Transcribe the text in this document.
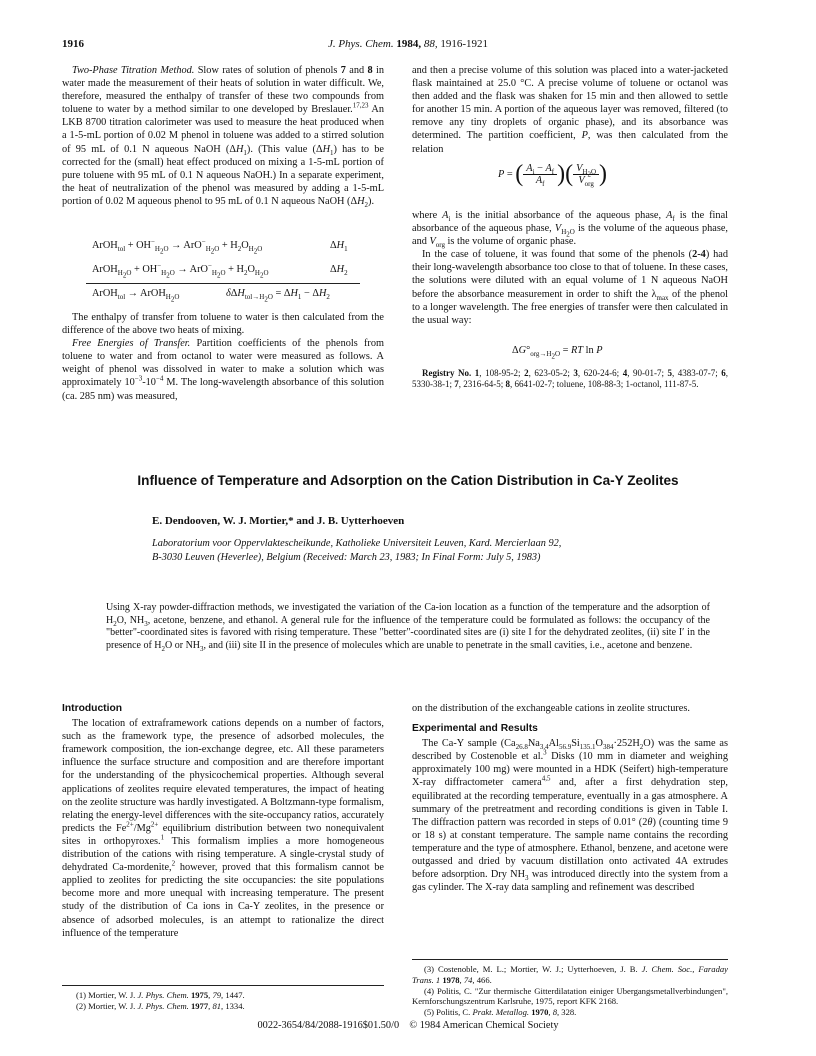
1916	J. Phys. Chem. 1984, 88, 1916-1921

Two-Phase Titration Method. Slow rates of solution of phenols 7 and 8 in water made the measurement of their heats of solution in water difficult. We, therefore, measured the enthalpy of transfer of these two compounds from toluene to water by a method similar to one developed by Breslauer.$^{17,23}$ An LKB 8700 titration calorimeter was used to measure the heat produced when a 1-5-mL portion of 0.02 M phenol in toluene was added to a stirred solution of 95 mL of 0.1 N aqueous NaOH $(\Delta H_1)$. (This value $(\Delta H_1)$ has to be corrected for the (small) heat effect produced on mixing a 1-5-mL portion of pure toluene with 95 mL of 0.1 N aqueous NaOH.) In a separate experiment, the heat of neutralization of the phenol was measured by adding a 1-5-mL portion of 0.02 M aqueous phenol to 95 mL of 0.1 N aqueous NaOH $(\Delta H_2)$.

ArOH$_{tol}$ + $OH^-_{H_2O} \to ArO^-_{H_2O} + H_2O_{H_2O}$	$\Delta H_1$
ArOH$_{H_2O}$ + $OH^-_{H_2O} \to ArO^-_{H_2O} + H_2O_{H_2O}$	$\Delta H_2$
ArOH$_{tol}$ → ArOH$_{H_2O}$	$\delta\Delta H_{tol\to H_2O} = \Delta H_1 - \Delta H_2$

The enthalpy of transfer from toluene to water is then calculated from the difference of the above two heats of mixing.

Free Energies of Transfer. Partition coefficients of the phenols from toluene to water and from octanol to water were measured as follows. A weight of phenol was dissolved in water to make a solution which was approximately $10^{-3}-10^{-4}$ M. The long-wavelength absorbance of this solution (ca. 285 nm) was measured,

and then a precise volume of this solution was placed into a water-jacketed flask maintained at 25.0 °C. A precise volume of toluene or octanol was then added and the flask was shaken for 15 min and then allowed to settle for another 15 min. A portion of the aqueous layer was removed, filtered (to remove any tiny droplets of organic phase), and its absorbance was determined. The partition coefficient, P, was then calculated from the relation

P = ( $\frac{A_i - A_f}{A_f}$ )( $\frac{V_{H_2O}}{V_{org}}$ )

where $A_i$ is the initial absorbance of the aqueous phase, $A_f$ is the final absorbance of the aqueous phase, $V_{H_2O}$ is the volume of the aqueous phase, and $V_{org}$ is the volume of organic phase.

In the case of toluene, it was found that some of the phenols (2-4) had their long-wavelength absorbance too close to that of toluene. In these cases, the solutions were diluted with an equal volume of 1 N aqueous NaOH before the absorbance measurement in order to shift the $\lambda_{max}$ of the phenol to a longer wavelength. The free energies of transfer were then calculated in the usual way:

$\Delta G^\circ_{org\to H_2O}$ = RT ln P

Registry No. 1, 108-95-2; 2, 623-05-2; 3, 620-24-6; 4, 90-01-7; 5, 4383-07-7; 6, 5330-38-1; 7, 2316-64-5; 8, 6641-02-7; toluene, 108-88-3; 1-octanol, 111-87-5.

Influence of Temperature and Adsorption on the Cation Distribution in Ca-Y Zeolites
E. Dendooven, W. J. Mortier,* and J. B. Uytterhoeven
Laboratorium voor Oppervlaktescheikunde, Katholieke Universiteit Leuven, Kard. Mercierlaan 92,
B-3030 Leuven (Heverlee), Belgium (Received: March 23, 1983; In Final Form: July 5, 1983)
Using X-ray powder-diffraction methods, we investigated the variation of the Ca-ion location as a function of the temperature and the adsorption of $H_2O$, $NH_3$, acetone, benzene, and ethanol. A general rule for the influence of the temperature could be formulated as follows: the occupancy of the "better"-coordinated sites is favored with rising temperature. These "better"-coordinated sites are (i) site I for the dehydrated zeolites, (ii) site I′ in the presence of $H_2O$ or $NH_3$, and (iii) site II in the presence of molecules which are unable to penetrate in the small cavities, i.e., acetone and benzene.
Introduction

The location of extraframework cations depends on a number of factors, such as the framework type, the presence of adsorbed molecules, the framework composition, the ion-exchange degree, etc. All these parameters influence the surface structure and composition and are therefore important for the understanding of the physicochemical properties. Although several applications of zeolites require elevated temperatures, the impact of heating on the zeolite structure was hardly investigated. A Boltzmann-type formalism, relating the energy-level differences with the site-occupancy ratios, accurately predicts the $Fe^{2+}/Mg^{2+}$ equilibrium distribution between two nonequivalent sites in orthopyroxes.$^1$ This formalism implies a more homogeneous distribution of the cations with rising temperature. A single-crystal study of dehydrated Ca-mordenite,$^2$ however, proved that this formalism cannot be applied to zeolites for predicting the site occupancies: the site populations become more and more unequal with increasing temperature. The present study of the distribution of Ca ions in Ca-Y zeolites, in the presence or absence of adsorbed molecules, is an attempt to rationalize the direct influence of the temperature

(1) Mortier, W. J. J. Phys. Chem. 1975, 79, 1447.
(2) Mortier, W. J. J. Phys. Chem. 1977, 81, 1334.

on the distribution of the exchangeable cations in zeolite structures.

Experimental and Results

The Ca-Y sample $(Ca_{26.8}Na_{3.4}Al_{56.9}Si_{135.1}O_{384}\cdot 252H_2O)$ was the same as described by Costenoble et al.$^3$ Disks (10 mm in diameter and weighing approximately 100 mg) were mounted in a HDK (Seifert) high-temperature X-ray diffractometer camera$^{4,5}$ and, after a first dehydration step, equilibrated at the recording temperature, eventually in a gas atmosphere. A summary of the pretreatment and recording conditions is given in Table I. The diffraction pattern was recorded in steps of 0.01° (2θ) (counting time 9 or 18 s) at constant temperature. The sample name contains the recording temperature and the type of atmosphere. Ethanol, benzene, and acetone were outgassed and dried by vacuum distillation onto activated 4A extrudes before adsorption. Dry $NH_3$ was introduced directly into the system from a gas cylinder. The X-ray data sampling and refinement was described

(3) Costenoble, M. L.; Mortier, W. J.; Uytterhoeven, J. B. J. Chem. Soc., Faraday Trans. 1 1978, 74, 466.
(4) Politis, C. "Zur thermische Gitterdilatation einiger Ubergangsmetallverbindungen", Kernforschungszentrum Karlsruhe, 1975, report KFK 2168.
(5) Politis, C. Prakt. Metallog. 1970, 8, 328.
0022-3654/84/2088-1916$01.50/0 © 1984 American Chemical Society
